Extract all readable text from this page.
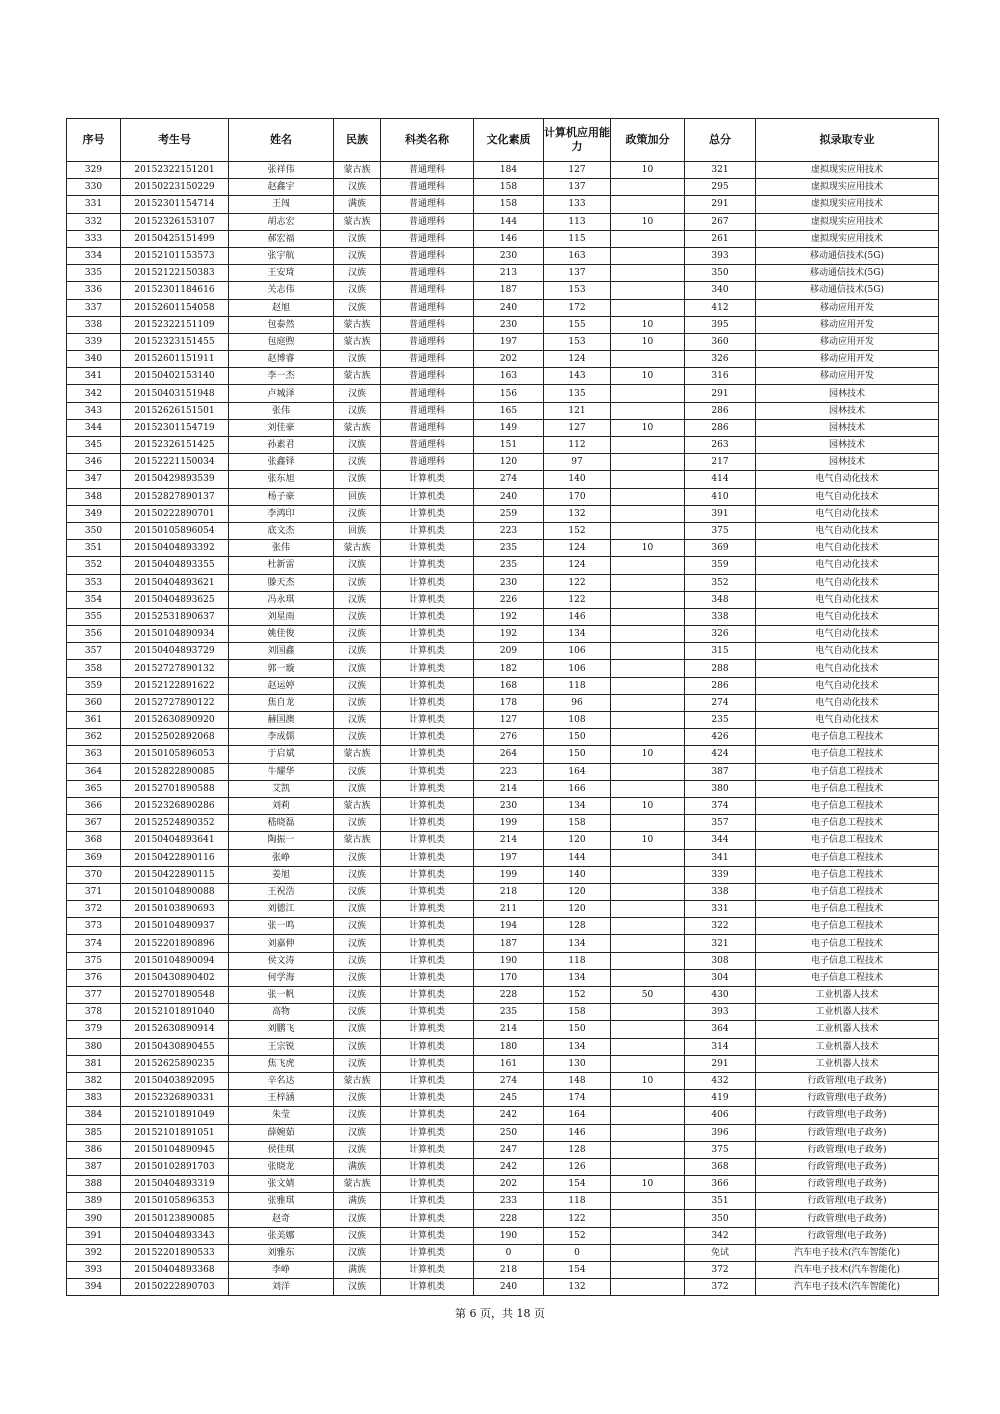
序号	考生号	姓名	民族	科类名称	文化素质	计算机应用能力	政策加分	总分	拟录取专业
329	20152322151201	张祥伟	蒙古族	普通理科	184	127	10	321	虚拟现实应用技术
330	20150223150229	赵鑫宇	汉族	普通理科	158	137		295	虚拟现实应用技术
331	20152301154714	王闯	满族	普通理科	158	133		291	虚拟现实应用技术
332	20152326153107	胡志宏	蒙古族	普通理科	144	113	10	267	虚拟现实应用技术
333	20150425151499	郝宏福	汉族	普通理科	146	115		261	虚拟现实应用技术
334	20152101153573	张宇航	汉族	普通理科	230	163		393	移动通信技术(5G)
335	20152122150383	王安琦	汉族	普通理科	213	137		350	移动通信技术(5G)
336	20152301184616	关志伟	汉族	普通理科	187	153		340	移动通信技术(5G)
337	20152601154058	赵旭	汉族	普通理科	240	172		412	移动应用开发
338	20152322151109	包泰然	蒙古族	普通理科	230	155	10	395	移动应用开发
339	20152323151455	包庭煦	蒙古族	普通理科	197	153	10	360	移动应用开发
340	20152601151911	赵博睿	汉族	普通理科	202	124		326	移动应用开发
341	20150402153140	李一杰	蒙古族	普通理科	163	143	10	316	移动应用开发
342	20150403151948	卢城泽	汉族	普通理科	156	135		291	园林技术
343	20152626151501	张伟	汉族	普通理科	165	121		286	园林技术
344	20152301154719	刘佳豪	蒙古族	普通理科	149	127	10	286	园林技术
345	20152326151425	孙素君	汉族	普通理科	151	112		263	园林技术
346	20152221150034	张鑫铎	汉族	普通理科	120	97		217	园林技术
347	20150429893539	张东旭	汉族	计算机类	274	140		414	电气自动化技术
348	20152827890137	杨子豪	回族	计算机类	240	170		410	电气自动化技术
349	20150222890701	李鸿印	汉族	计算机类	259	132		391	电气自动化技术
350	20150105896054	底文杰	回族	计算机类	223	152		375	电气自动化技术
351	20150404893392	张伟	蒙古族	计算机类	235	124	10	369	电气自动化技术
352	20150404893355	杜新雷	汉族	计算机类	235	124		359	电气自动化技术
353	20150404893621	滕天杰	汉族	计算机类	230	122		352	电气自动化技术
354	20150404893625	冯永琪	汉族	计算机类	226	122		348	电气自动化技术
355	20152531890637	刘星雨	汉族	计算机类	192	146		338	电气自动化技术
356	20150104890934	姚佳俊	汉族	计算机类	192	134		326	电气自动化技术
357	20150404893729	刘国鑫	汉族	计算机类	209	106		315	电气自动化技术
358	20152727890132	郭一璇	汉族	计算机类	182	106		288	电气自动化技术
359	20152122891622	赵运婷	汉族	计算机类	168	118		286	电气自动化技术
360	20152727890122	焦自龙	汉族	计算机类	178	96		274	电气自动化技术
361	20152630890920	赫国澳	汉族	计算机类	127	108		235	电气自动化技术
362	20152502892068	李成儒	汉族	计算机类	276	150		426	电子信息工程技术
363	20150105896053	于启斌	蒙古族	计算机类	264	150	10	424	电子信息工程技术
364	20152822890085	牛耀华	汉族	计算机类	223	164		387	电子信息工程技术
365	20152701890588	艾凯	汉族	计算机类	214	166		380	电子信息工程技术
366	20152326890286	刘莉	蒙古族	计算机类	230	134	10	374	电子信息工程技术
367	20152524890352	嵇晓磊	汉族	计算机类	199	158		357	电子信息工程技术
368	20150404893641	陶振一	蒙古族	计算机类	214	120	10	344	电子信息工程技术
369	20150422890116	张峥	汉族	计算机类	197	144		341	电子信息工程技术
370	20150422890115	姜旭	汉族	计算机类	199	140		339	电子信息工程技术
371	20150104890088	王祝浩	汉族	计算机类	218	120		338	电子信息工程技术
372	20150103890693	刘德江	汉族	计算机类	211	120		331	电子信息工程技术
373	20150104890937	张一鸣	汉族	计算机类	194	128		322	电子信息工程技术
374	20152201890896	刘嘉伸	汉族	计算机类	187	134		321	电子信息工程技术
375	20150104890094	侯文涛	汉族	计算机类	190	118		308	电子信息工程技术
376	20150430890402	何学海	汉族	计算机类	170	134		304	电子信息工程技术
377	20152701890548	张一帆	汉族	计算机类	228	152	50	430	工业机器人技术
378	20152101891040	高物	汉族	计算机类	235	158		393	工业机器人技术
379	20152630890914	刘鹏飞	汉族	计算机类	214	150		364	工业机器人技术
380	20150430890455	王宗锐	汉族	计算机类	180	134		314	工业机器人技术
381	20152625890235	焦飞虎	汉族	计算机类	161	130		291	工业机器人技术
382	20150403892095	辛名达	蒙古族	计算机类	274	148	10	432	行政管理(电子政务)
383	20152326890331	王梓涵	汉族	计算机类	245	174		419	行政管理(电子政务)
384	20152101891049	朱莹	汉族	计算机类	242	164		406	行政管理(电子政务)
385	20152101891051	薛婉茹	汉族	计算机类	250	146		396	行政管理(电子政务)
386	20150104890945	侯佳琪	汉族	计算机类	247	128		375	行政管理(电子政务)
387	20150102891703	张晓龙	满族	计算机类	242	126		368	行政管理(电子政务)
388	20150404893319	张文婧	蒙古族	计算机类	202	154	10	366	行政管理(电子政务)
389	20150105896353	张雅琪	满族	计算机类	233	118		351	行政管理(电子政务)
390	20150123890085	赵奇	汉族	计算机类	228	122		350	行政管理(电子政务)
391	20150404893343	张美娜	汉族	计算机类	190	152		342	行政管理(电子政务)
392	20152201890533	刘雅东	汉族	计算机类	0	0		免试	汽车电子技术(汽车智能化)
393	20150404893368	李峥	满族	计算机类	218	154		372	汽车电子技术(汽车智能化)
394	20150222890703	刘洋	汉族	计算机类	240	132		372	汽车电子技术(汽车智能化)
第 6 页，共 18 页
